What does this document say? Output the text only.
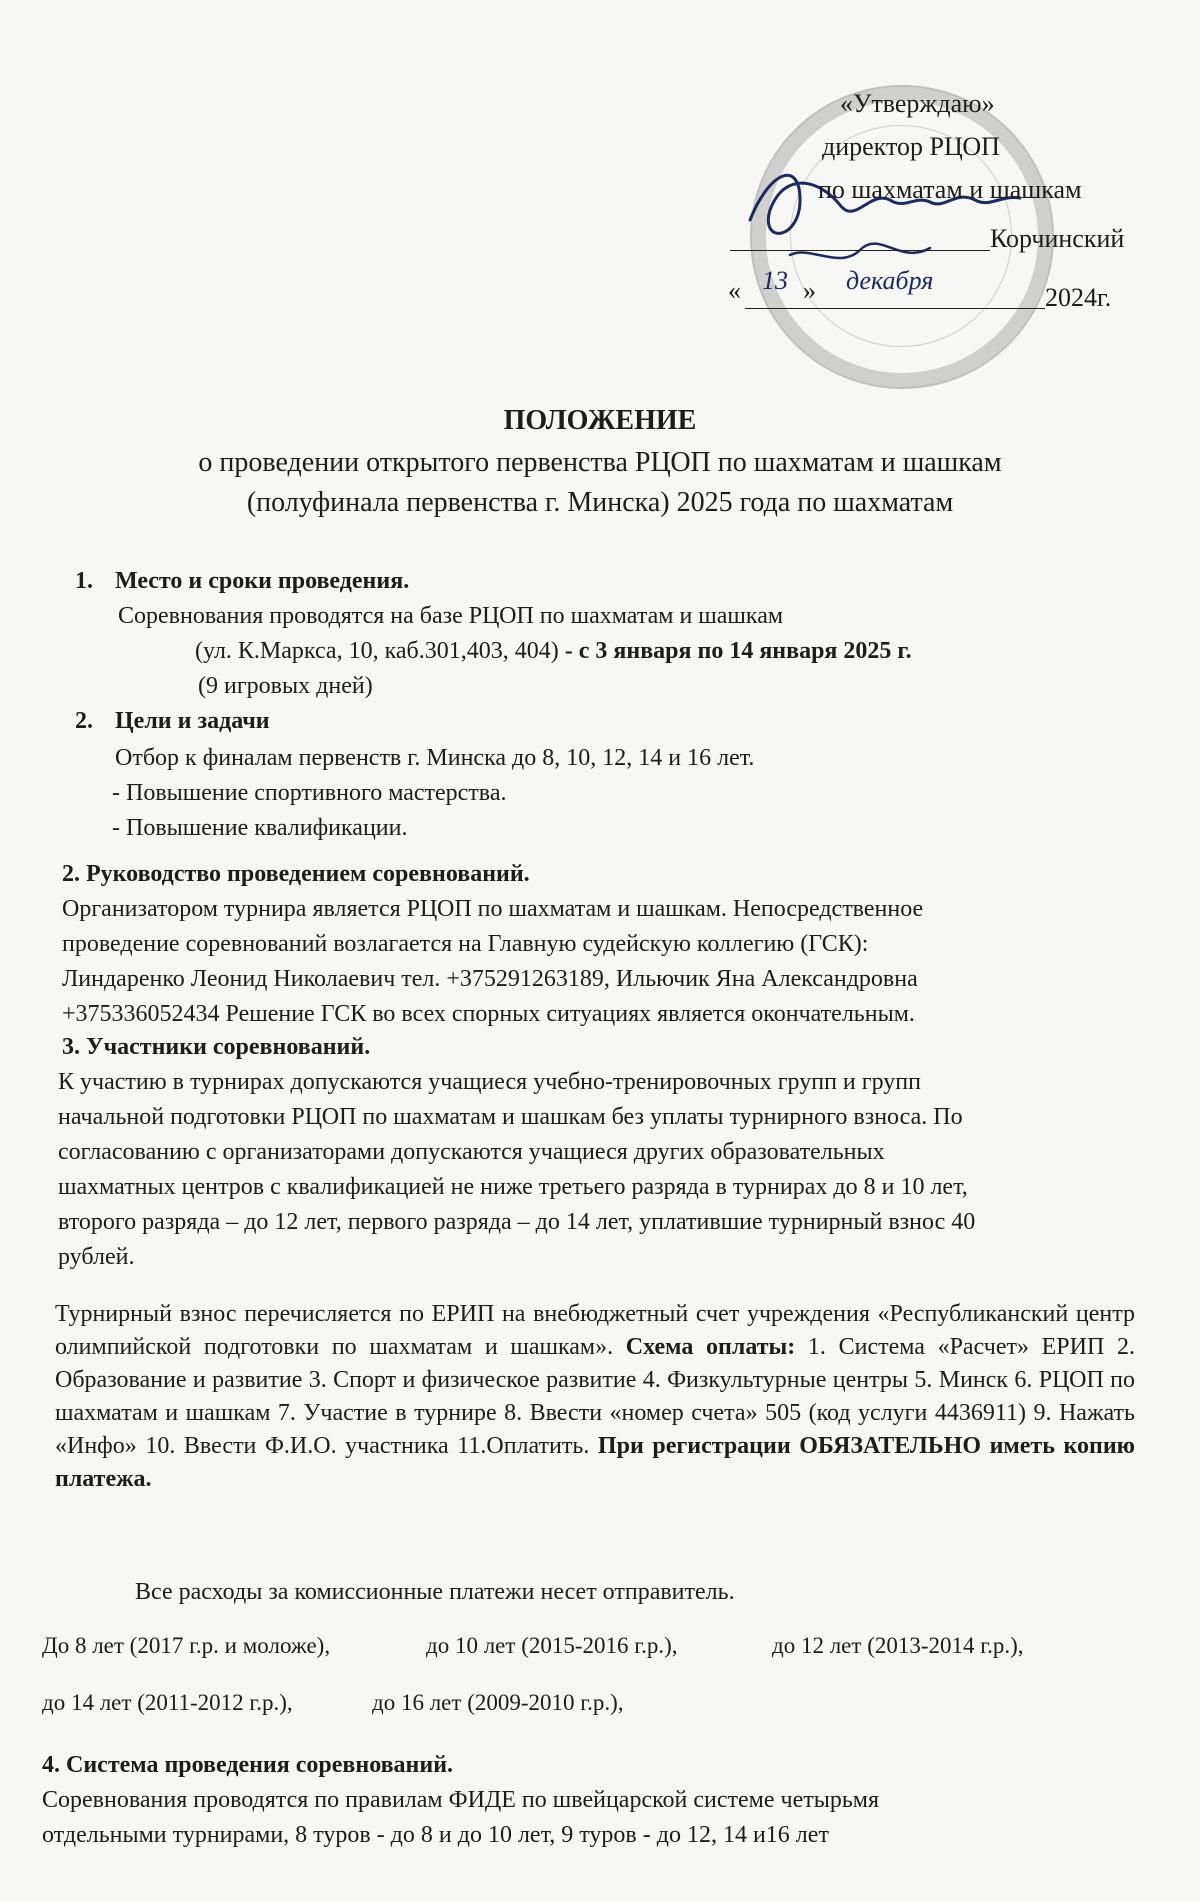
«Утверждаю»
директор РЦОП
по шахматам и шашкам
Корчинский
« 13 » декабря
2024г.
ПОЛОЖЕНИЕ
о проведении открытого первенства РЦОП по шахматам и шашкам
(полуфинала первенства г. Минска) 2025 года по шахматам
1. Место и сроки проведения.
Соревнования проводятся на базе РЦОП по шахматам и шашкам
(ул. К.Маркса, 10, каб.301,403, 404) - с 3 января по 14 января 2025 г.
(9 игровых дней)
2. Цели и задачи
Отбор к финалам первенств г. Минска до 8, 10, 12, 14 и 16 лет.
- Повышение спортивного мастерства.
- Повышение квалификации.
2. Руководство проведением соревнований.
Организатором турнира является РЦОП по шахматам и шашкам. Непосредственное
проведение соревнований возлагается на Главную судейскую коллегию (ГСК):
Линдаренко Леонид Николаевич тел. +375291263189, Ильючик Яна Александровна
+375336052434 Решение ГСК во всех спорных ситуациях является окончательным.
3. Участники соревнований.
К участию в турнирах допускаются учащиеся учебно-тренировочных групп и групп
начальной подготовки РЦОП по шахматам и шашкам без уплаты турнирного взноса. По
согласованию с организаторами допускаются учащиеся других образовательных
шахматных центров с квалификацией не ниже третьего разряда в турнирах до 8 и 10 лет,
второго разряда – до 12 лет, первого разряда – до 14 лет, уплатившие турнирный взнос 40
рублей.
Турнирный взнос перечисляется по ЕРИП на внебюджетный счет учреждения «Республиканский центр олимпийской подготовки по шахматам и шашкам». Схема оплаты: 1. Система «Расчет» ЕРИП 2. Образование и развитие 3. Спорт и физическое развитие 4. Физкультурные центры 5. Минск 6. РЦОП по шахматам и шашкам 7. Участие в турнире 8. Ввести «номер счета» 505 (код услуги 4436911) 9. Нажать «Инфо» 10. Ввести Ф.И.О. участника 11.Оплатить. При регистрации ОБЯЗАТЕЛЬНО иметь копию платежа.
Все расходы за комиссионные платежи несет отправитель.
До 8 лет (2017 г.р. и моложе),	до 10 лет (2015-2016 г.р.),	до 12 лет (2013-2014 г.р.),
до 14 лет (2011-2012 г.р.),	до 16 лет (2009-2010 г.р.),
4. Система проведения соревнований.
Соревнования проводятся по правилам ФИДЕ по швейцарской системе четырьмя
отдельными турнирами, 8 туров - до 8 и до 10 лет, 9 туров - до 12, 14 и16 лет
